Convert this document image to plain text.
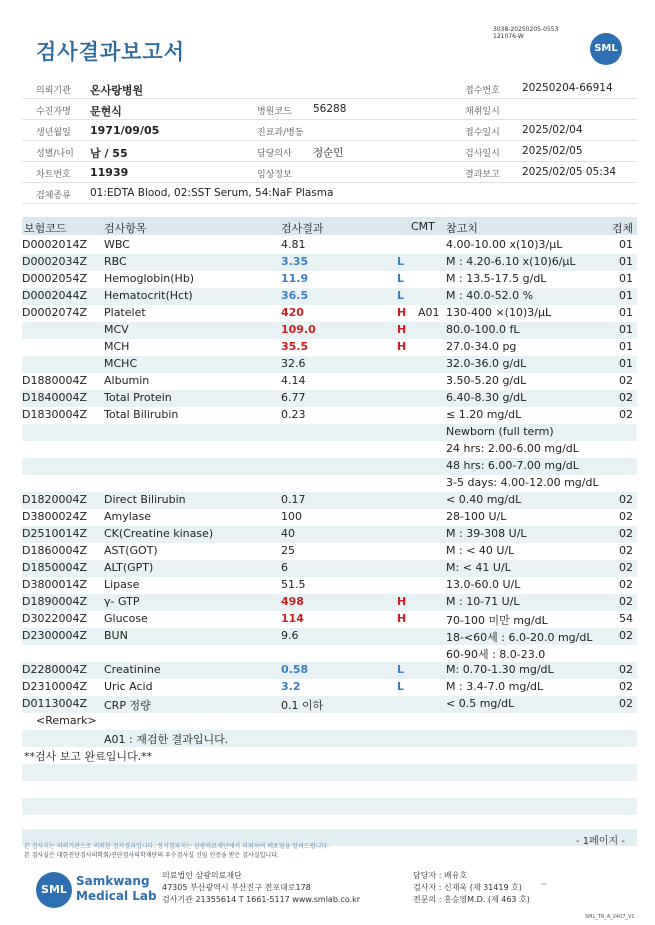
3038-20250205-0553
121076-W
검사결과보고서	SML
의뢰기관 온사랑병원	접수번호 20250204-66914
수진자명 문현식	병원코드 56288	채취일시
생년월일 1971/09/05	진료과/병동	접수일시 2025/02/04
성별/나이 남 / 55	담당의사 정순민	검사일시 2025/02/05
차트번호 11939	임상정보	결과보고 2025/02/05 05:34
검체종류 01:EDTA Blood, 02:SST Serum, 54:NaF Plasma
보험코드	검사항목	검사결과	CMT 참고치	검체
D0002014Z WBC	4.81	4.00-10.00 x(10)3/µL	01
D0002034Z RBC	3.35	L	M : 4.20-6.10 x(10)6/µL	01
D0002054Z Hemoglobin(Hb)	11.9	L	M : 13.5-17.5 g/dL	01
D0002044Z Hematocrit(Hct)	36.5	L	M : 40.0-52.0 %	01
D0002074Z Platelet	420	H A01 130-400 ×(10)3/µL	01
MCV	109.0	H	80.0-100.0 fL	01
MCH	35.5	H	27.0-34.0 pg	01
MCHC	32.6	32.0-36.0 g/dL	01
D1880004Z Albumin	4.14	3.50-5.20 g/dL	02
D1840004Z Total Protein	6.77	6.40-8.30 g/dL	02
D1830004Z Total Bilirubin	0.23	≤ 1.20 mg/dL	02
Newborn (full term)
24 hrs: 2.00-6.00 mg/dL
48 hrs: 6.00-7.00 mg/dL
3-5 days: 4.00-12.00 mg/dL
D1820004Z Direct Bilirubin	0.17	< 0.40 mg/dL	02
D3800024Z Amylase	100	28-100 U/L	02
D2510014Z CK(Creatine kinase)	40	M : 39-308 U/L	02
D1860004Z AST(GOT)	25	M : < 40 U/L	02
D1850004Z ALT(GPT)	6	M: < 41 U/L	02
D3800014Z Lipase	51.5	13.0-60.0 U/L	02
D1890004Z γ- GTP	498	H	M : 10-71 U/L	02
D3022004Z Glucose	114	H	70-100 미만 mg/dL	54
D2300004Z BUN	9.6	18-<60세 : 6.0-20.0 mg/dL 02
60-90세 : 8.0-23.0
D2280004Z Creatinine	0.58	L	M: 0.70-1.30 mg/dL	02
D2310004Z Uric Acid	3.2	L	M : 3.4-7.0 mg/dL	02
D0113004Z CRP 정량	0.1 이하	< 0.5 mg/dL	02
<Remark>
A01 : 재검한 결과입니다.
**검사 보고 완료입니다.**
- 1페이지 -
본 검사지는 의뢰기관으로 의뢰한 검사결과입니다. 정식결과지는 삼광의료재단에서 의뢰하여 배포됨을 알려드립니다.
본 검사실은 대한진단검사의학회/진단검사의학재단의 우수검사실 신임 인증을 받은 검사실입니다.
SML
Samkwang
Medical Lab
의료법인 삼광의료재단
47305 부산광역시 부산진구 전포대로178
검사기관 21355614 T 1661-5117 www.smlab.co.kr
담당자 : 배유호
검사자 : 신재욱 (제 31419 호)
전문의 : 홍승영M.D. (제 463 호)
~
SML_TR_A_2407_V1
